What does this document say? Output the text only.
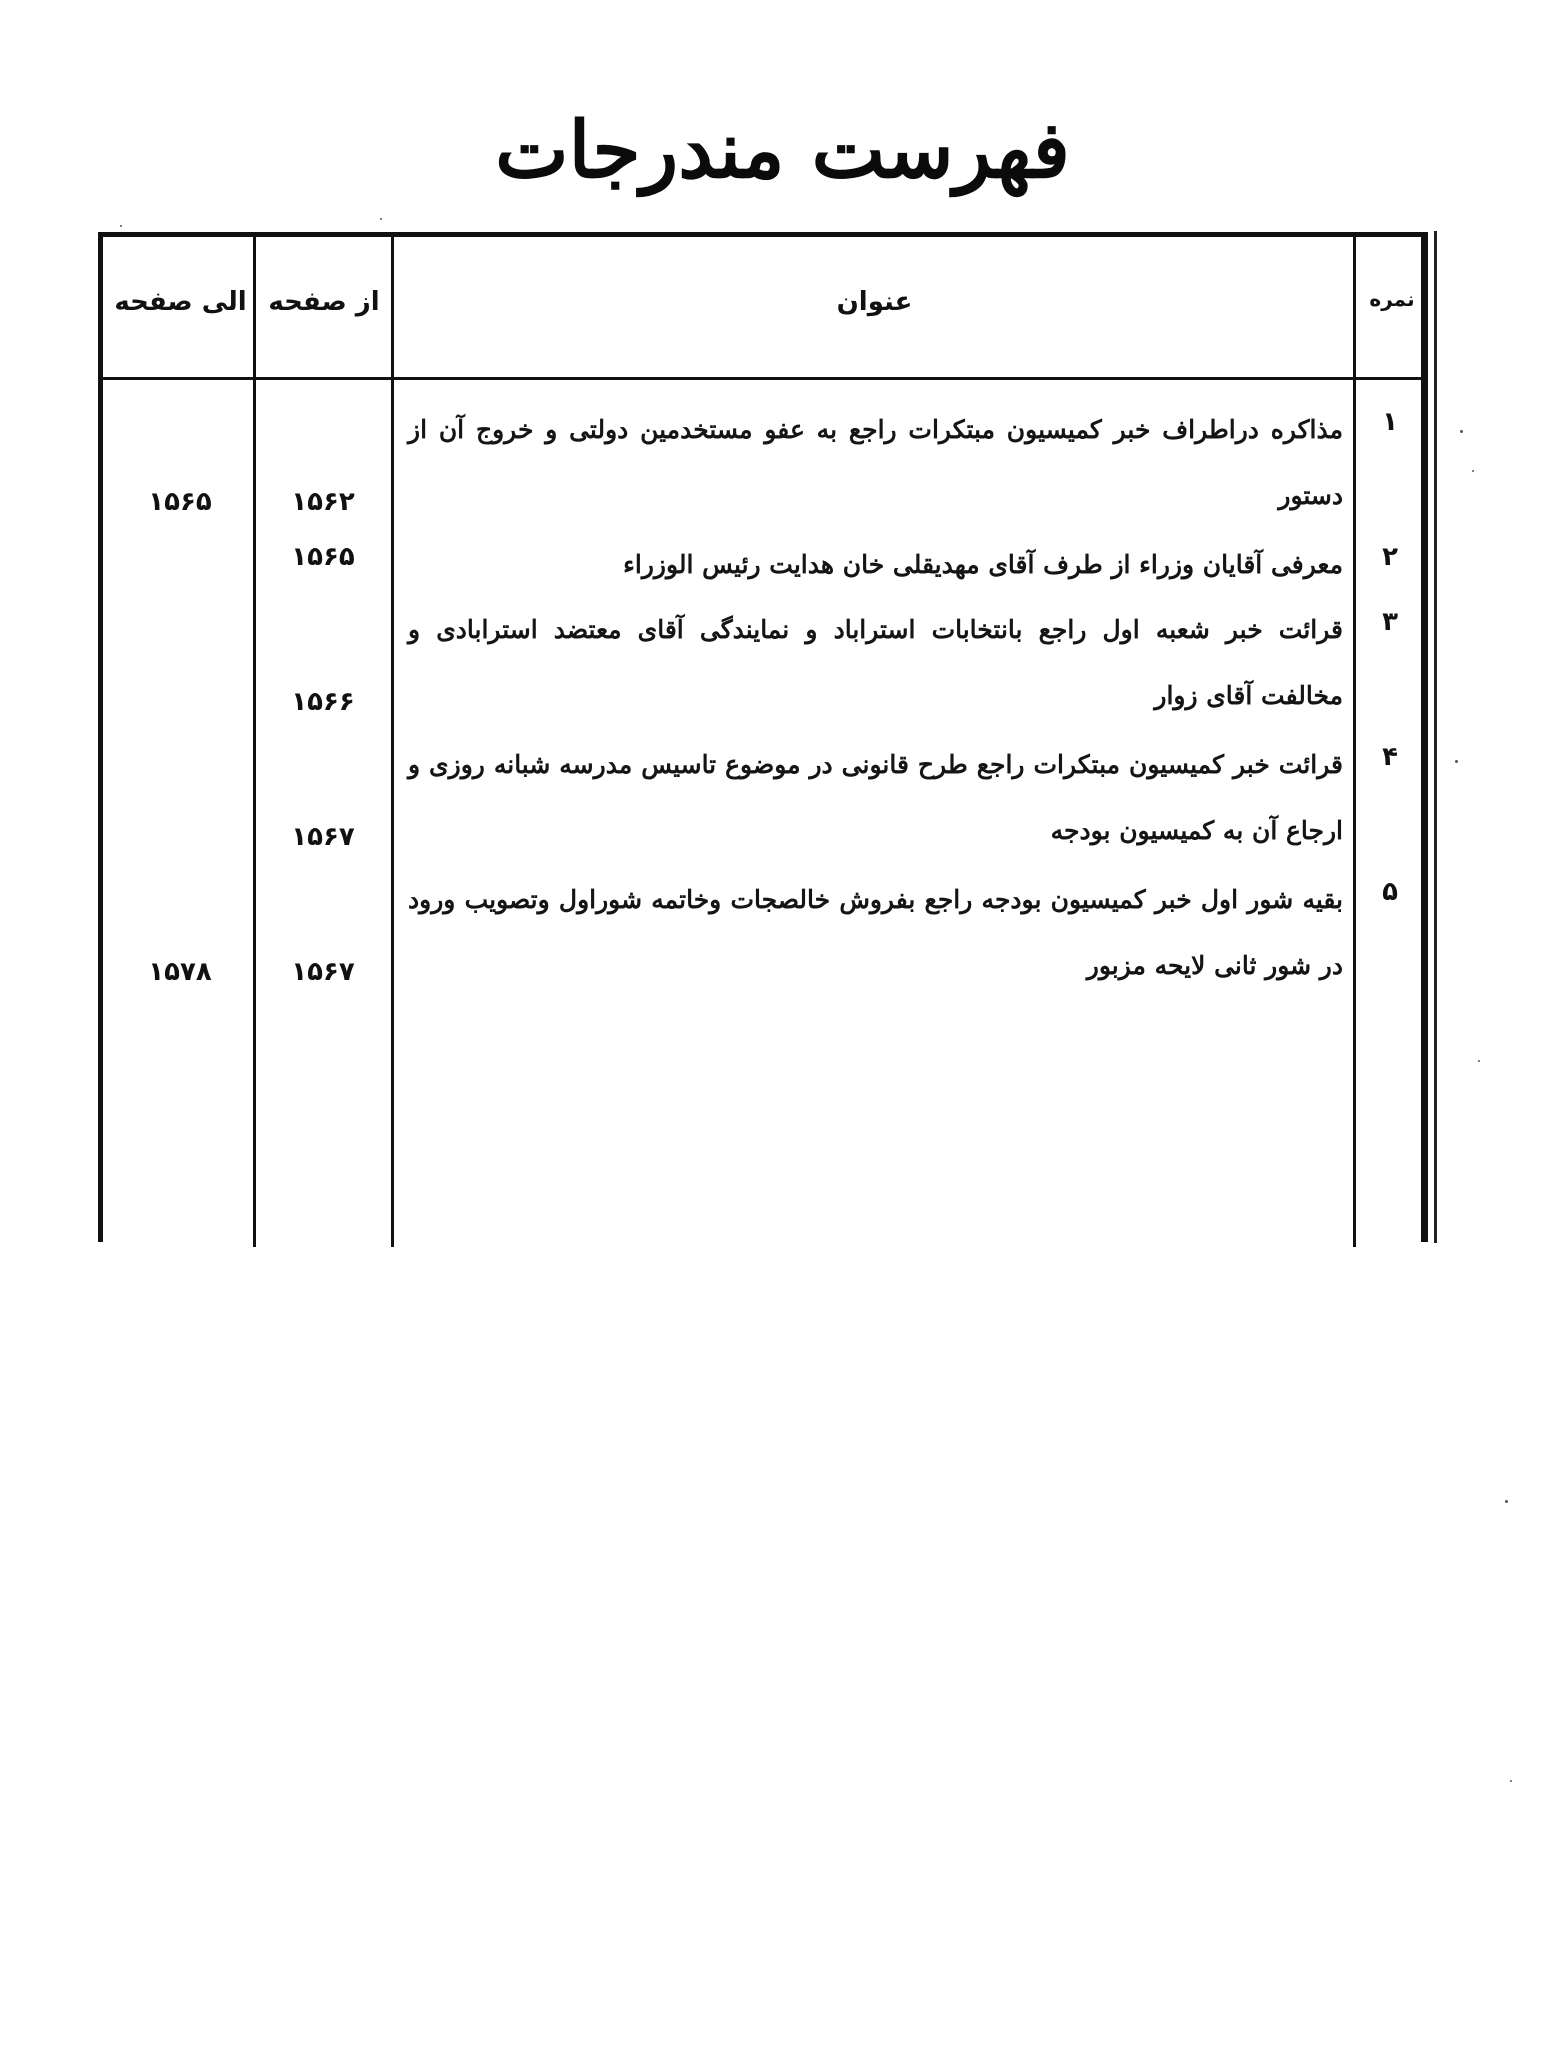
فهرست مندرجات
نمره
عنوان
از صفحه
الی صفحه
۱
مذاکره دراطراف خبر کمیسیون مبتکرات راجع به عفو مستخدمین دولتی و خروج آن از دستور
۱۵۶۲
۱۵۶۵
۲
معرفی آقایان وزراء از طرف آقای مهدیقلی خان هدایت رئیس الوزراء
۱۵۶۵
۳
قرائت خبر شعبه اول راجع بانتخابات استراباد و نمایندگی آقای معتضد استرابادی و مخالفت آقای زوار
۱۵۶۶
۴
قرائت خبر کمیسیون مبتکرات راجع طرح قانونی در موضوع تاسیس مدرسه شبانه روزی و ارجاع آن به کمیسیون بودجه
۱۵۶۷
۵
بقیه شور اول خبر کمیسیون بودجه راجع بفروش خالصجات وخاتمه شوراول وتصویب ورود در شور ثانی لایحه مزبور
۱۵۶۷
۱۵۷۸
